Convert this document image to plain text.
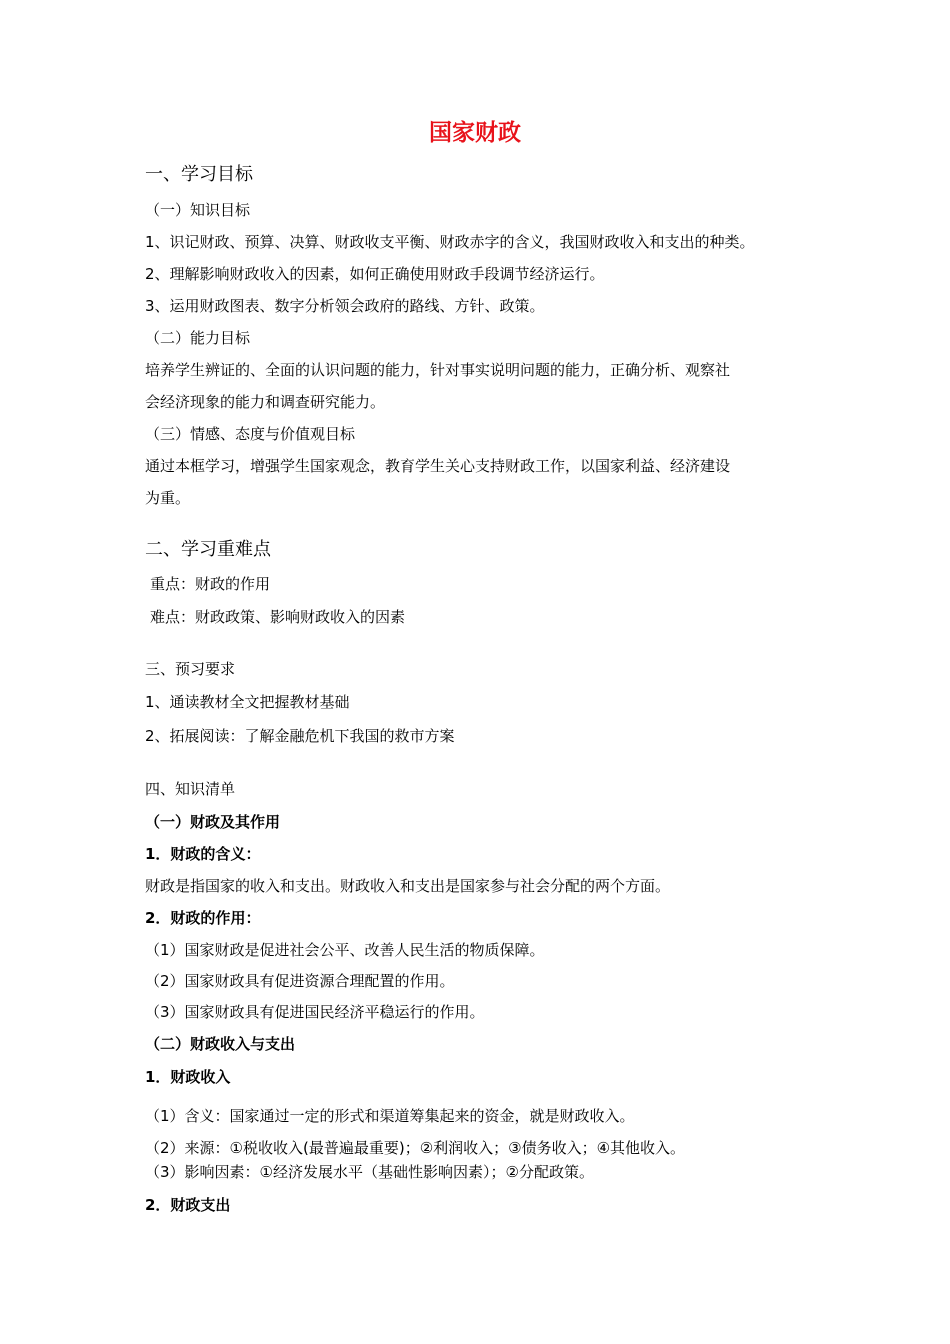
国家财政
一、学习目标
（一）知识目标
1、识记财政、预算、决算、财政收支平衡、财政赤字的含义，我国财政收入和支出的种类。
2、理解影响财政收入的因素，如何正确使用财政手段调节经济运行。
3、运用财政图表、数字分析领会政府的路线、方针、政策。
（二）能力目标
培养学生辨证的、全面的认识问题的能力，针对事实说明问题的能力，正确分析、观察社
会经济现象的能力和调查研究能力。
（三）情感、态度与价值观目标
通过本框学习，增强学生国家观念，教育学生关心支持财政工作，以国家利益、经济建设
为重。
二、学习重难点
重点：财政的作用
难点：财政政策、影响财政收入的因素
三、预习要求
1、通读教材全文把握教材基础
2、拓展阅读：了解金融危机下我国的救市方案
四、知识清单
（一）财政及其作用
1．财政的含义：
财政是指国家的收入和支出。财政收入和支出是国家参与社会分配的两个方面。
2．财政的作用：
（1）国家财政是促进社会公平、改善人民生活的物质保障。
（2）国家财政具有促进资源合理配置的作用。
（3）国家财政具有促进国民经济平稳运行的作用。
（二）财政收入与支出
1．财政收入
（1）含义：国家通过一定的形式和渠道筹集起来的资金，就是财政收入。
（2）来源：①税收收入(最普遍最重要)；②利润收入；③债务收入；④其他收入。
（3）影响因素：①经济发展水平（基础性影响因素）；②分配政策。
2．财政支出
